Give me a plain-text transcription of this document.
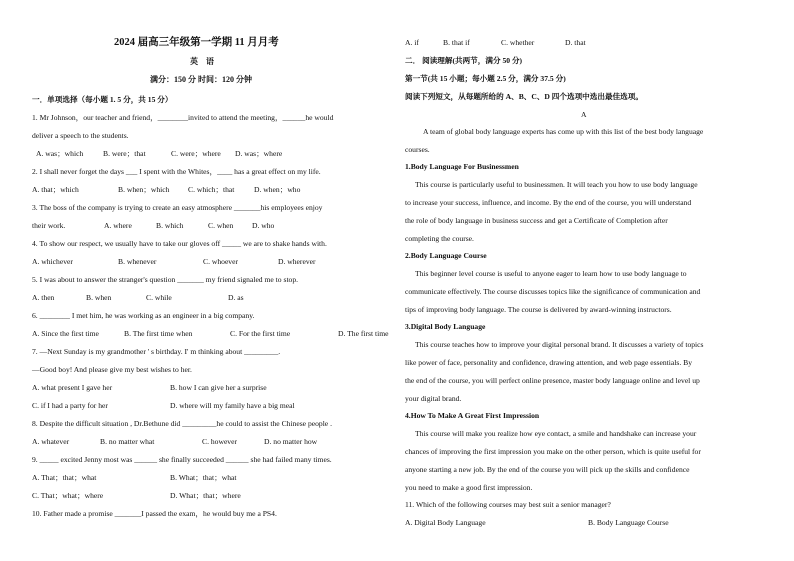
2024 届高三年级第一学期 11 月月考
英    语
满分：150 分 时间：120 分钟
一．单项选择（每小题 1. 5 分，共 15 分）
1. Mr Johnson，our teacher and friend，________invited to attend the meeting，______he would
deliver a speech to the students.
A. was；which	B. were；that	C. were；where D. was；where
2. I shall never forget the days ___ I spent with the Whites，____ has a great effect on my life.
A. that；which	B. when；which C. which；that	D. when；who
3. The boss of the company is trying to create an easy atmosphere _______his employees enjoy
their work.	A. where	B. which	C. when D. who
4. To show our respect, we usually have to take our gloves off _____ we are to shake hands with.
A. whichever	B. whenever	C. whoever	D. wherever
5. I was about to answer the stranger's question _______ my friend signaled me to stop.
A. then	B. when	C. while	D. as
6. ________ I met him, he was working as an engineer in a big company.
A. Since the first time	B. The first time when	C. For the first time	D. The first time
7. —Next Sunday is my grandmother ' s birthday. I' m thinking about _________.
—Good boy! And please give my best wishes to her.
A. what present I gave her	B. how I can give her a surprise
C. if I had a party for her	D. where will my family have a big meal
8. Despite the difficult situation , Dr.Bethune did _________he could to assist the Chinese people .
A. whatever	B. no matter what	C. however	D. no matter how
9. _____ excited Jenny most was ______ she finally succeeded ______ she had failed many times.
A. That；that；what	B. What；that；what
C. That；what；where	D. What；that；where
10. Father made a promise _______I passed the exam，he would buy me a PS4.
A. if	B. that if	C. whether	D. that
二． 阅读理解(共两节，满分 50 分)
第一节(共 15 小题；每小题 2.5 分，满分 37.5 分)
阅读下列短文，从每题所给的 A、B、C、D 四个选项中选出最佳选项。
A
A team of global body language experts has come up with this list of the best body language
courses.
1.Body Language For Businessmen
This course is particularly useful to businessmen. It will teach you how to use body language
to increase your success, influence, and income. By the end of the course, you will understand
the role of body language in business success and get a Certificate of Completion after
completing the course.
2.Body Language Course
This beginner level course is useful to anyone eager to learn how to use body language to
communicate effectively. The course discusses topics like the significance of communication and
tips of improving body language. The course is delivered by award-winning instructors.
3.Digital Body Language
This course teaches how to improve your digital personal brand. It discusses a variety of topics
like power of face, personality and confidence, drawing attention, and web page essentials. By
the end of the course, you will perfect online presence, master body language online and level up
your digital brand.
4.How To Make A Great First Impression
This course will make you realize how eye contact, a smile and handshake can increase your
chances of improving the first impression you make on the other person, which is quite useful for
anyone starting a new job. By the end of the course you will pick up the skills and confidence
you need to make a good first impression.
11. Which of the following courses may best suit a senior manager?
A. Digital Body Language	B. Body Language Course
